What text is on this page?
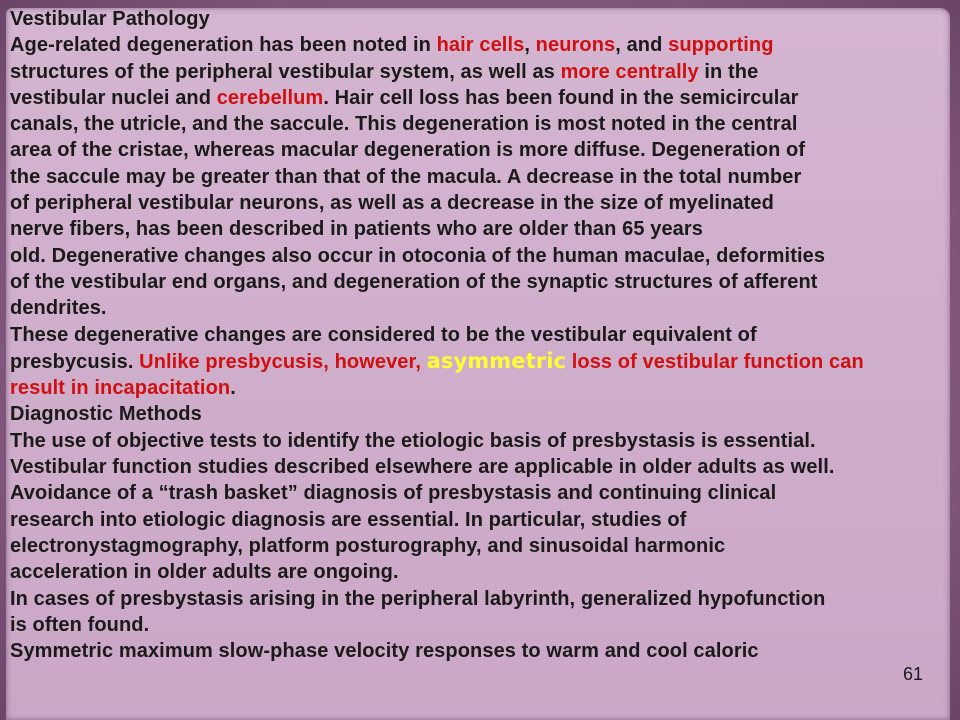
Vestibular Pathology

Age-related degeneration has been noted in hair cells, neurons, and supporting

structures of the peripheral vestibular system, as well as more centrally in the

vestibular nuclei and cerebellum. Hair cell loss has been found in the semicircular

canals, the utricle, and the saccule. This degeneration is most noted in the central

area of the cristae, whereas macular degeneration is more diffuse. Degeneration of

the saccule may be greater than that of the macula. A decrease in the total number

of peripheral vestibular neurons, as well as a decrease in the size of myelinated

nerve fibers, has been described in patients who are older than 65 years

old. Degenerative changes also occur in otoconia of the human maculae, deformities

of the vestibular end organs, and degeneration of the synaptic structures of afferent

dendrites.

These degenerative changes are considered to be the vestibular equivalent of

presbycusis. Unlike presbycusis, however, asymmetric loss of vestibular function can

result in incapacitation.

Diagnostic Methods

The use of objective tests to identify the etiologic basis of presbystasis is essential.

Vestibular function studies described elsewhere are applicable in older adults as well.

Avoidance of a “trash basket” diagnosis of presbystasis and continuing clinical

research into etiologic diagnosis are essential. In particular, studies of

electronystagmography, platform posturography, and sinusoidal harmonic

acceleration in older adults are ongoing.

In cases of presbystasis arising in the peripheral labyrinth, generalized hypofunction

is often found.

Symmetric maximum slow-phase velocity responses to warm and cool caloric

61
